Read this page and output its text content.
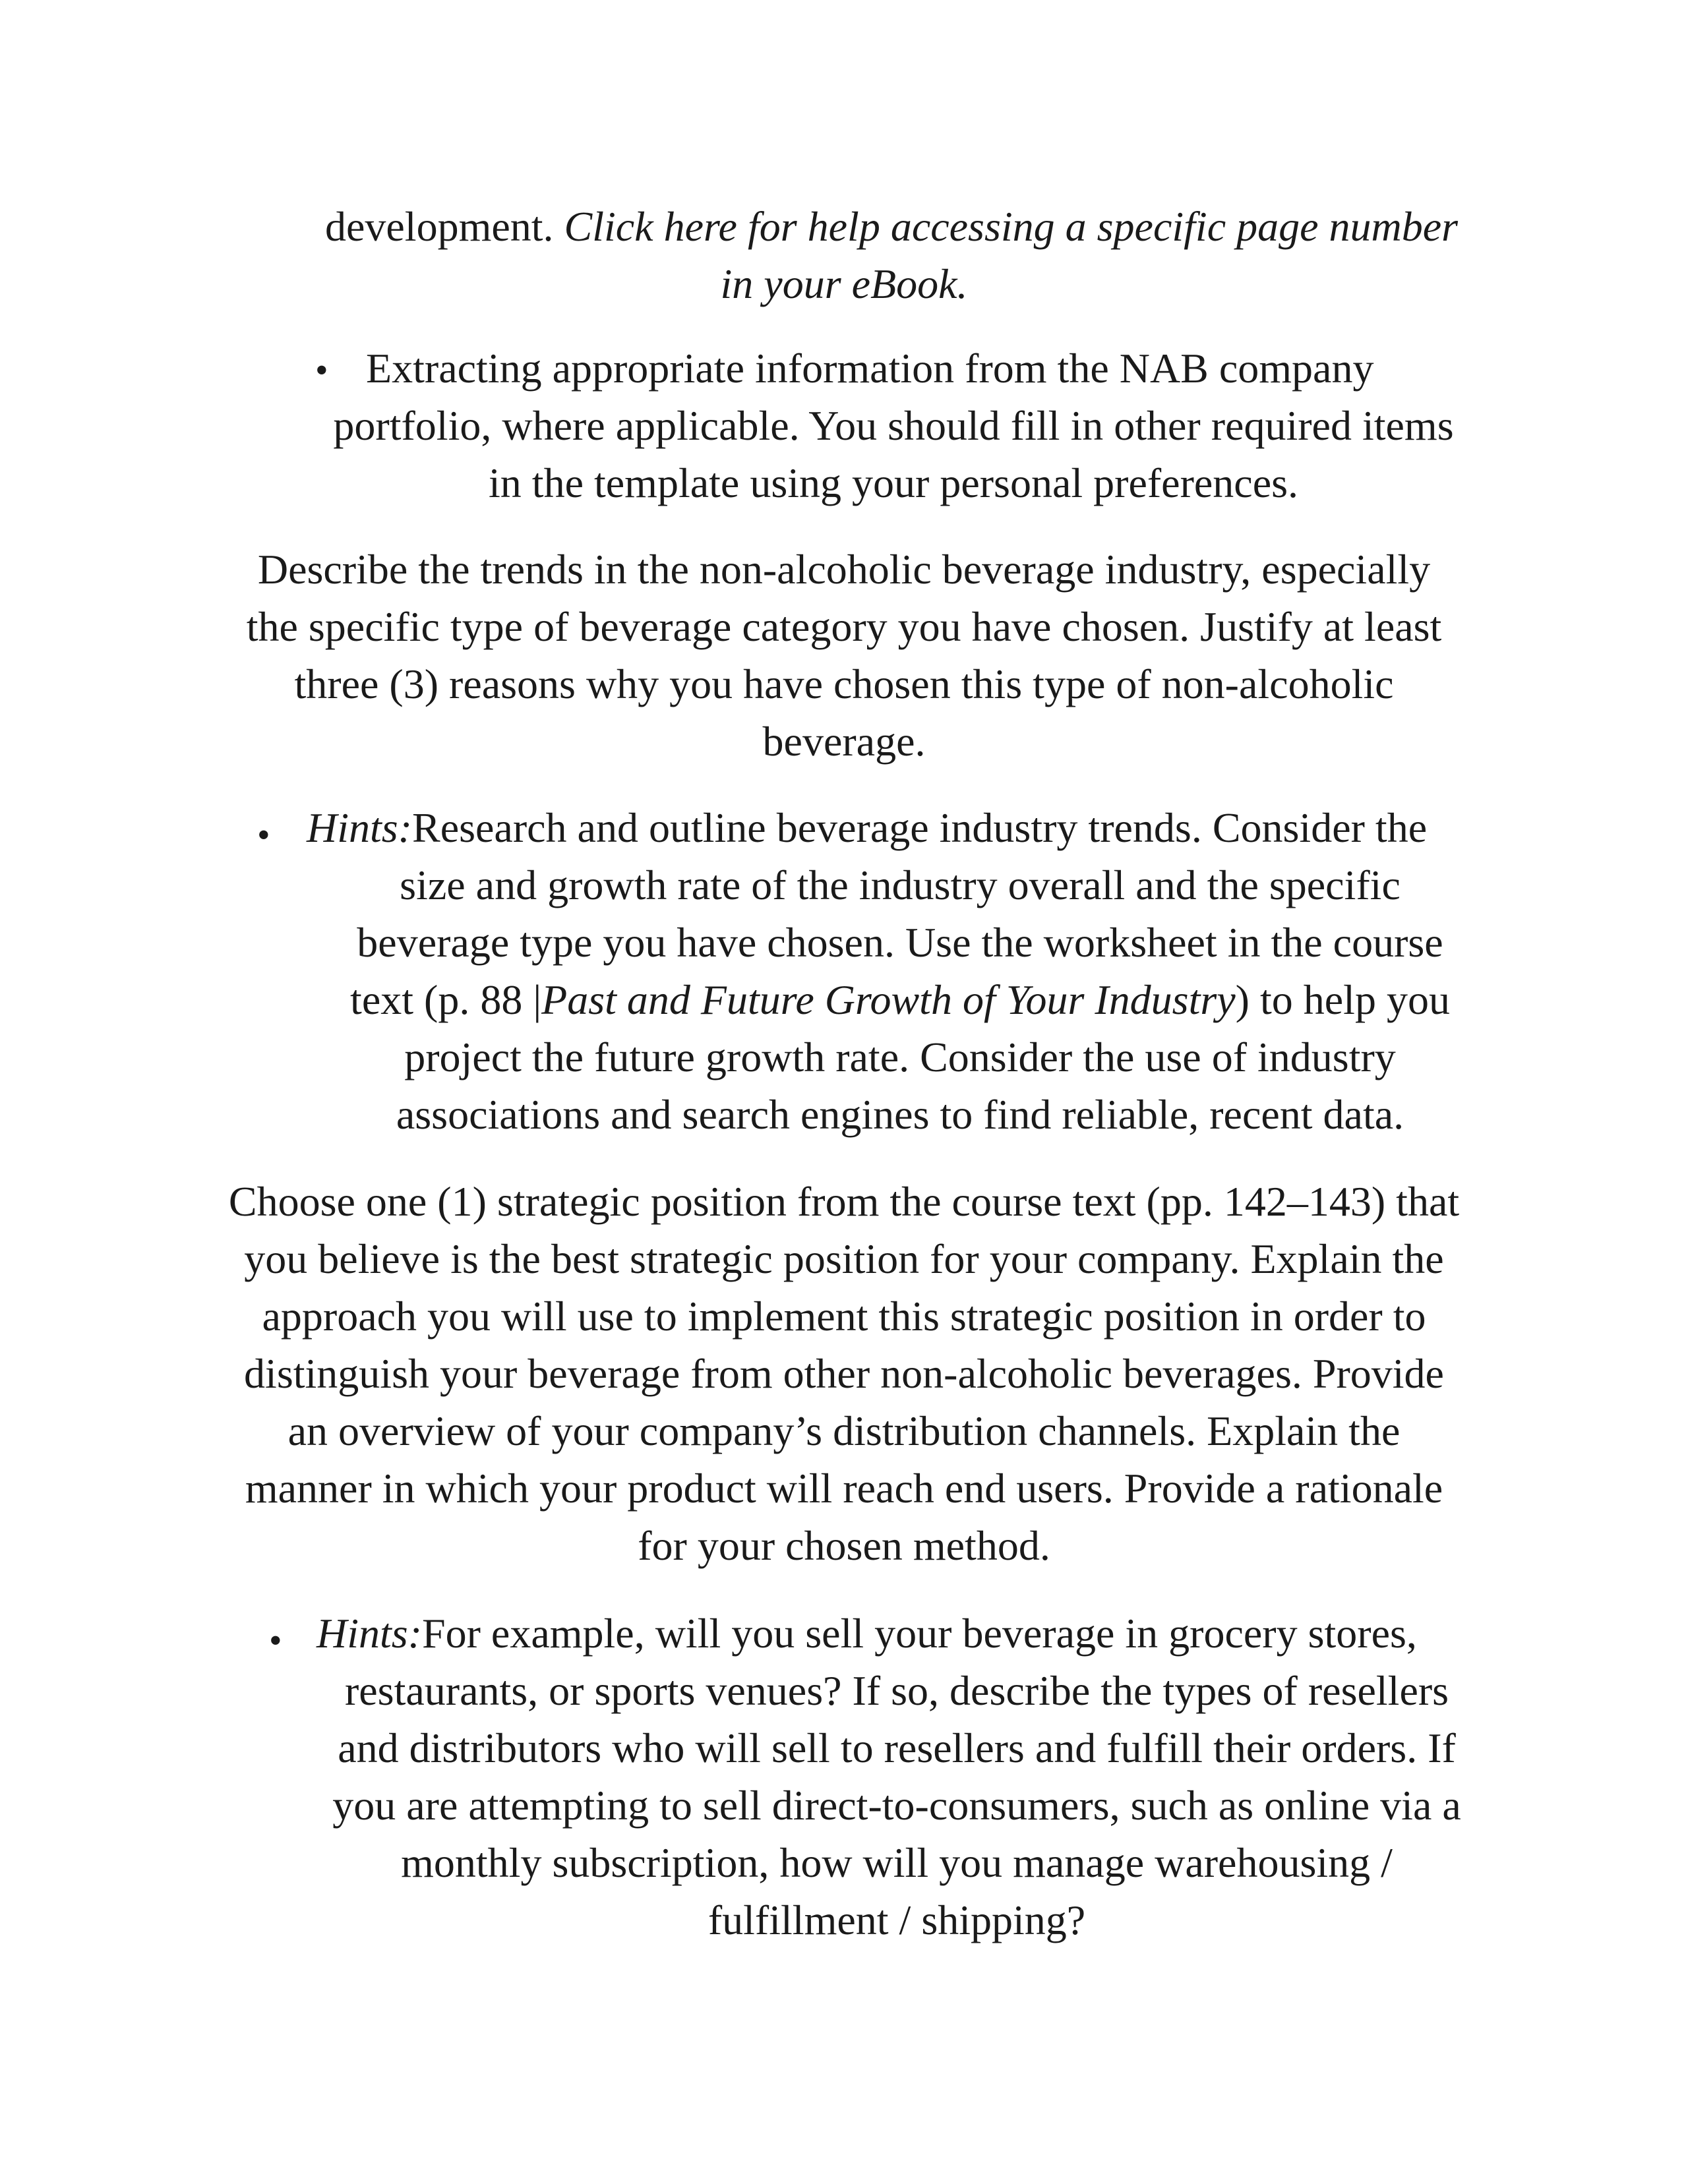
development. Click here for help accessing a specific page number
in your eBook.
• Extracting appropriate information from the NAB company
portfolio, where applicable. You should fill in other required items
in the template using your personal preferences.
Describe the trends in the non-alcoholic beverage industry, especially
the specific type of beverage category you have chosen. Justify at least
three (3) reasons why you have chosen this type of non-alcoholic
beverage.
• Hints:Research and outline beverage industry trends. Consider the
size and growth rate of the industry overall and the specific
beverage type you have chosen. Use the worksheet in the course
text (p. 88 |Past and Future Growth of Your Industry) to help you
project the future growth rate. Consider the use of industry
associations and search engines to find reliable, recent data.
Choose one (1) strategic position from the course text (pp. 142–143) that
you believe is the best strategic position for your company. Explain the
approach you will use to implement this strategic position in order to
distinguish your beverage from other non-alcoholic beverages. Provide
an overview of your company’s distribution channels. Explain the
manner in which your product will reach end users. Provide a rationale
for your chosen method.
• Hints:For example, will you sell your beverage in grocery stores,
restaurants, or sports venues? If so, describe the types of resellers
and distributors who will sell to resellers and fulfill their orders. If
you are attempting to sell direct-to-consumers, such as online via a
monthly subscription, how will you manage warehousing /
fulfillment / shipping?
